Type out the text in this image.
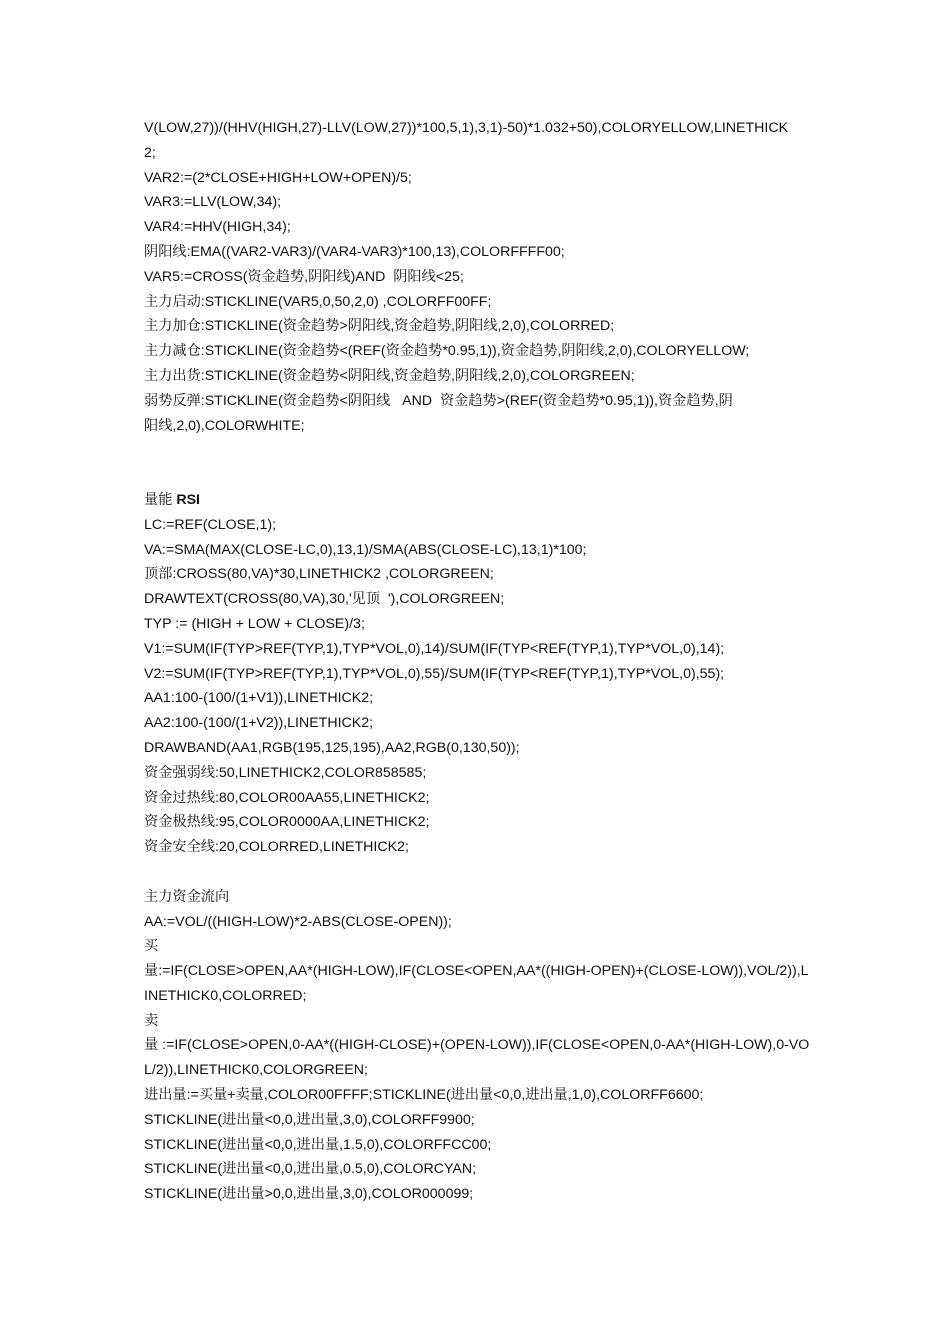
V(LOW,27))/(HHV(HIGH,27)-LLV(LOW,27))*100,5,1),3,1)-50)*1.032+50),COLORYELLOW,LINETHICK

2;

VAR2:=(2*CLOSE+HIGH+LOW+OPEN)/5;

VAR3:=LLV(LOW,34);

VAR4:=HHV(HIGH,34);

阴阳线:EMA((VAR2-VAR3)/(VAR4-VAR3)*100,13),COLORFFFF00;

VAR5:=CROSS(资金趋势,阴阳线)AND  阴阳线<25;

主力启动:STICKLINE(VAR5,0,50,2,0) ,COLORFF00FF;

主力加仓:STICKLINE(资金趋势>阴阳线,资金趋势,阴阳线,2,0),COLORRED;

主力减仓:STICKLINE(资金趋势<(REF(资金趋势*0.95,1)),资金趋势,阴阳线,2,0),COLORYELLOW;

主力出货:STICKLINE(资金趋势<阴阳线,资金趋势,阴阳线,2,0),COLORGREEN;

弱势反弹:STICKLINE(资金趋势<阴阳线   AND  资金趋势>(REF(资金趋势*0.95,1)),资金趋势,阴

阳线,2,0),COLORWHITE;

量能 RSI

LC:=REF(CLOSE,1);

VA:=SMA(MAX(CLOSE-LC,0),13,1)/SMA(ABS(CLOSE-LC),13,1)*100;

顶部:CROSS(80,VA)*30,LINETHICK2 ,COLORGREEN;

DRAWTEXT(CROSS(80,VA),30,'见顶  '),COLORGREEN;

TYP := (HIGH + LOW + CLOSE)/3;

V1:=SUM(IF(TYP>REF(TYP,1),TYP*VOL,0),14)/SUM(IF(TYP<REF(TYP,1),TYP*VOL,0),14);

V2:=SUM(IF(TYP>REF(TYP,1),TYP*VOL,0),55)/SUM(IF(TYP<REF(TYP,1),TYP*VOL,0),55);

AA1:100-(100/(1+V1)),LINETHICK2;

AA2:100-(100/(1+V2)),LINETHICK2;

DRAWBAND(AA1,RGB(195,125,195),AA2,RGB(0,130,50));

资金强弱线:50,LINETHICK2,COLOR858585;

资金过热线:80,COLOR00AA55,LINETHICK2;

资金极热线:95,COLOR0000AA,LINETHICK2;

资金安全线:20,COLORRED,LINETHICK2;

主力资金流向

AA:=VOL/((HIGH-LOW)*2-ABS(CLOSE-OPEN));

买

量:=IF(CLOSE>OPEN,AA*(HIGH-LOW),IF(CLOSE<OPEN,AA*((HIGH-OPEN)+(CLOSE-LOW)),VOL/2)),L

INETHICK0,COLORRED;

卖

量 :=IF(CLOSE>OPEN,0-AA*((HIGH-CLOSE)+(OPEN-LOW)),IF(CLOSE<OPEN,0-AA*(HIGH-LOW),0-VO

L/2)),LINETHICK0,COLORGREEN;

进出量:=买量+卖量,COLOR00FFFF;STICKLINE(进出量<0,0,进出量,1,0),COLORFF6600;

STICKLINE(进出量<0,0,进出量,3,0),COLORFF9900;

STICKLINE(进出量<0,0,进出量,1.5,0),COLORFFCC00;

STICKLINE(进出量<0,0,进出量,0.5,0),COLORCYAN;

STICKLINE(进出量>0,0,进出量,3,0),COLOR000099;
